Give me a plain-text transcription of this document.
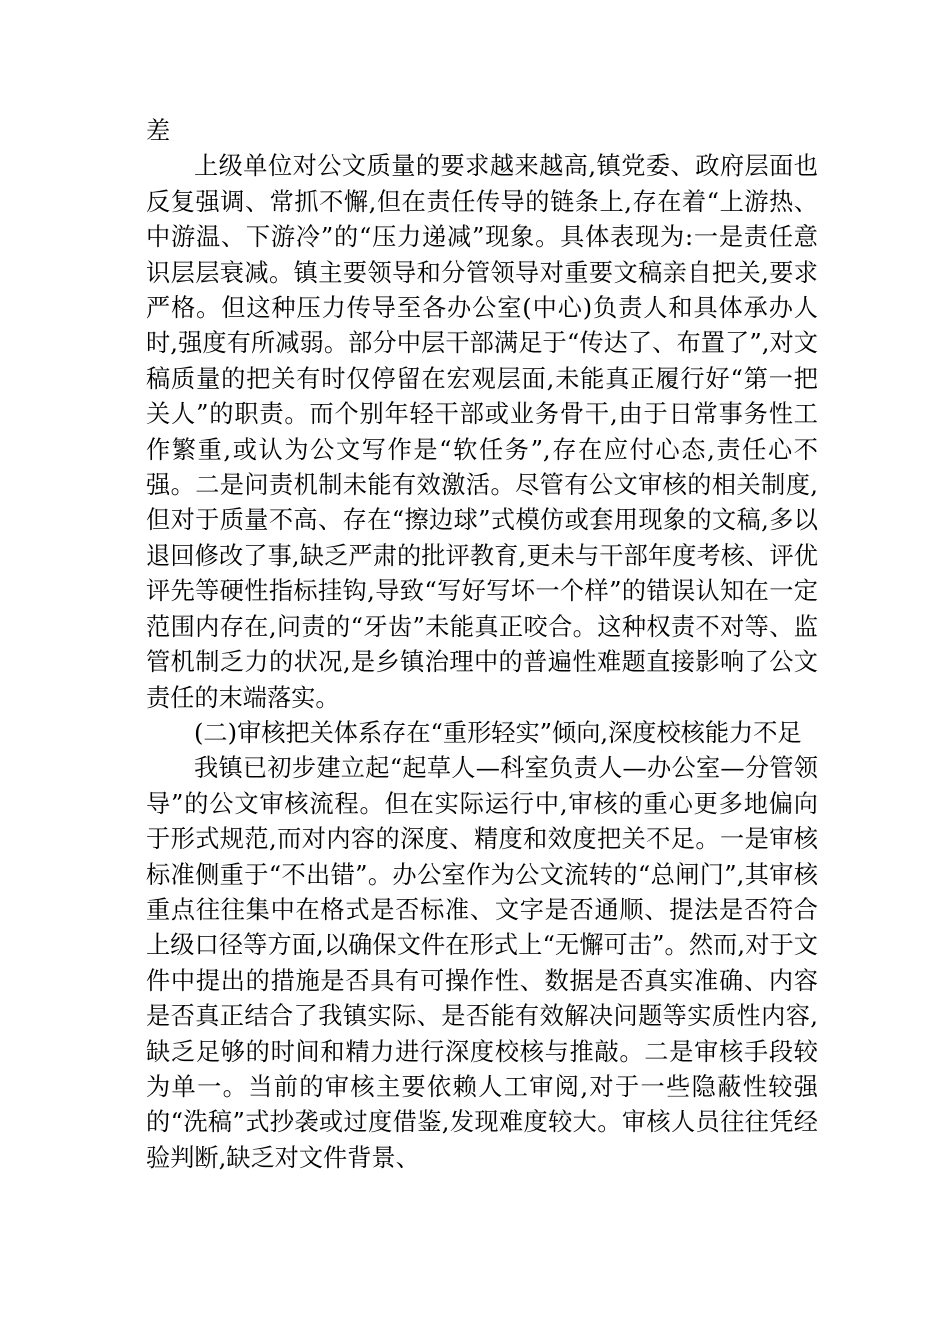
差

上级单位对公文质量的要求越来越高,镇党委、政府层面也反复强调、常抓不懈,但在责任传导的链条上,存在着“上游热、中游温、下游冷”的“压力递减”现象。具体表现为:一是责任意识层层衰减。镇主要领导和分管领导对重要文稿亲自把关,要求严格。但这种压力传导至各办公室(中心)负责人和具体承办人时,强度有所减弱。部分中层干部满足于“传达了、布置了”,对文稿质量的把关有时仅停留在宏观层面,未能真正履行好“第一把关人”的职责。而个别年轻干部或业务骨干,由于日常事务性工作繁重,或认为公文写作是“软任务”,存在应付心态,责任心不强。二是问责机制未能有效激活。尽管有公文审核的相关制度,但对于质量不高、存在“擦边球”式模仿或套用现象的文稿,多以退回修改了事,缺乏严肃的批评教育,更未与干部年度考核、评优评先等硬性指标挂钩,导致“写好写坏一个样”的错误认知在一定范围内存在,问责的“牙齿”未能真正咬合。这种权责不对等、监管机制乏力的状况,是乡镇治理中的普遍性难题直接影响了公文责任的末端落实。

(二)审核把关体系存在“重形轻实”倾向,深度校核能力不足

我镇已初步建立起“起草人—科室负责人—办公室—分管领导”的公文审核流程。但在实际运行中,审核的重心更多地偏向于形式规范,而对内容的深度、精度和效度把关不足。一是审核标准侧重于“不出错”。办公室作为公文流转的“总闸门”,其审核重点往往集中在格式是否标准、文字是否通顺、提法是否符合上级口径等方面,以确保文件在形式上“无懈可击”。然而,对于文件中提出的措施是否具有可操作性、数据是否真实准确、内容是否真正结合了我镇实际、是否能有效解决问题等实质性内容,缺乏足够的时间和精力进行深度校核与推敲。二是审核手段较为单一。当前的审核主要依赖人工审阅,对于一些隐蔽性较强的“洗稿”式抄袭或过度借鉴,发现难度较大。审核人员往往凭经验判断,缺乏对文件背景、
